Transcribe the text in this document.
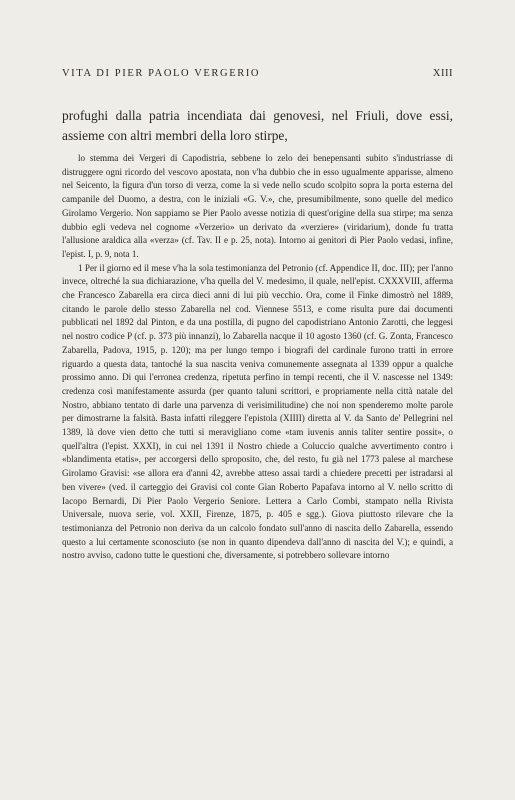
VITA DI PIER PAOLO VERGERIO	XIII
profughi dalla patria incendiata dai genovesi, nel Friuli, dove essi, assieme con altri membri della loro stirpe,

lo stemma dei Vergeri di Capodistria, sebbene lo zelo dei benepensanti subito s'industriasse di distruggere ogni ricordo del vescovo apostata, non v'ha dubbio che in esso ugualmente apparisse, almeno nel Seicento, la figura d'un torso di verza, come la si vede nello scudo scolpito sopra la porta esterna del campanile del Duomo, a destra, con le iniziali «G. V.», che, presumibilmente, sono quelle del medico Girolamo Vergerio. Non sappiamo se Pier Paolo avesse notizia di quest'origine della sua stirpe; ma senza dubbio egli vedeva nel cognome «Verzerio» un derivato da «verziere» (viridarium), donde fu tratta l'allusione araldica alla «verza» (cf. Tav. II e p. 25, nota). Intorno ai genitori di Pier Paolo vedasi, infine, l'epist. I, p. 9, nota 1.

1 Per il giorno ed il mese v'ha la sola testimonianza del Petronio (cf. Appendice II, doc. III); per l'anno invece, oltreché la sua dichiarazione, v'ha quella del V. medesimo, il quale, nell'epist. CXXXVIII, afferma che Francesco Zabarella era circa dieci anni di lui più vecchio. Ora, come il Finke dimostrò nel 1889, citando le parole dello stesso Zabarella nel cod. Viennese 5513, e come risulta pure dai documenti pubblicati nel 1892 dal Pinton, e da una postilla, di pugno del capodistriano Antonio Zarotti, che leggesi nel nostro codice P (cf. p. 373 più innanzi), lo Zabarella nacque il 10 agosto 1360 (cf. G. Zonta, Francesco Zabarella, Padova, 1915, p. 120); ma per lungo tempo i biografi del cardinale furono tratti in errore riguardo a questa data, tantoché la sua nascita veniva comunemente assegnata al 1339 oppur a qualche prossimo anno. Di qui l'erronea credenza, ripetuta perfino in tempi recenti, che il V. nascesse nel 1349: credenza così manifestamente assurda (per quanto taluni scrittori, e propriamente nella città natale del Nostro, abbiano tentato di darle una parvenza di verisimilitudine) che noi non spenderemo molte parole per dimostrarne la falsità. Basta infatti rileggere l'epistola (XIIII) diretta al V. da Santo de' Pellegrini nel 1389, là dove vien detto che tutti si meravigliano come «tam iuvenis annis taliter sentire possit», o quell'altra (l'epist. XXXI), in cui nel 1391 il Nostro chiede a Coluccio qualche avvertimento contro i «blandimenta etatis», per accorgersi dello sproposito, che, del resto, fu già nel 1773 palese al marchese Girolamo Gravisi: «se allora era d'anni 42, avrebbe atteso assai tardi a chiedere precetti per istradarsi al ben vivere» (ved. il carteggio dei Gravisi col conte Gian Roberto Papafava intorno al V. nello scritto di Iacopo Bernardi, Di Pier Paolo Vergerio Seniore. Lettera a Carlo Combi, stampato nella Rivista Universale, nuova serie, vol. XXII, Firenze, 1875, p. 405 e sgg.). Giova piuttosto rilevare che la testimonianza del Petronio non deriva da un calcolo fondato sull'anno di nascita dello Zabarella, essendo questo a lui certamente sconosciuto (se non in quanto dipendeva dall'anno di nascita del V.); e quindi, a nostro avviso, cadono tutte le questioni che, diversamente, si potrebbero sollevare intorno
